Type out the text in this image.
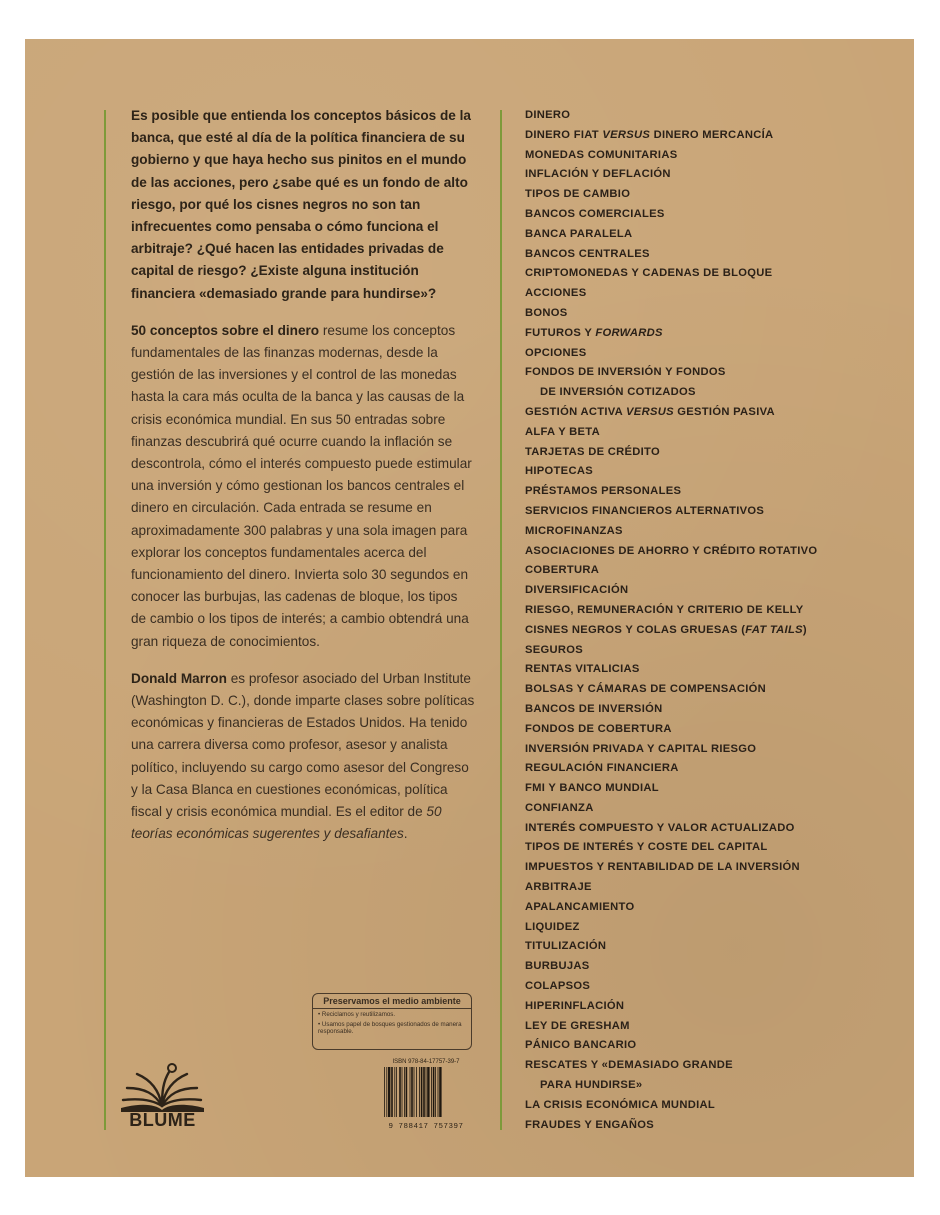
Es posible que entienda los conceptos básicos de la banca, que esté al día de la política financiera de su gobierno y que haya hecho sus pinitos en el mundo de las acciones, pero ¿sabe qué es un fondo de alto riesgo, por qué los cisnes negros no son tan infrecuentes como pensaba o cómo funciona el arbitraje? ¿Qué hacen las entidades privadas de capital de riesgo? ¿Existe alguna institución financiera «demasiado grande para hundirse»?

50 conceptos sobre el dinero resume los conceptos fundamentales de las finanzas modernas, desde la gestión de las inversiones y el control de las monedas hasta la cara más oculta de la banca y las causas de la crisis económica mundial. En sus 50 entradas sobre finanzas descubrirá qué ocurre cuando la inflación se descontrola, cómo el interés compuesto puede estimular una inversión y cómo gestionan los bancos centrales el dinero en circulación. Cada entrada se resume en aproximadamente 300 palabras y una sola imagen para explorar los conceptos fundamentales acerca del funcionamiento del dinero. Invierta solo 30 segundos en conocer las burbujas, las cadenas de bloque, los tipos de cambio o los tipos de interés; a cambio obtendrá una gran riqueza de conocimientos.

Donald Marron es profesor asociado del Urban Institute (Washington D. C.), donde imparte clases sobre políticas económicas y financieras de Estados Unidos. Ha tenido una carrera diversa como profesor, asesor y analista político, incluyendo su cargo como asesor del Congreso y la Casa Blanca en cuestiones económicas, política fiscal y crisis económica mundial. Es el editor de 50 teorías económicas sugerentes y desafiantes.

DINERO
DINERO FIAT VERSUS DINERO MERCANCÍA
MONEDAS COMUNITARIAS
INFLACIÓN Y DEFLACIÓN
TIPOS DE CAMBIO
BANCOS COMERCIALES
BANCA PARALELA
BANCOS CENTRALES
CRIPTOMONEDAS Y CADENAS DE BLOQUE
ACCIONES
BONOS
FUTUROS Y FORWARDS
OPCIONES
FONDOS DE INVERSIÓN Y FONDOS
DE INVERSIÓN COTIZADOS
GESTIÓN ACTIVA VERSUS GESTIÓN PASIVA
ALFA Y BETA
TARJETAS DE CRÉDITO
HIPOTECAS
PRÉSTAMOS PERSONALES
SERVICIOS FINANCIEROS ALTERNATIVOS
MICROFINANZAS
ASOCIACIONES DE AHORRO Y CRÉDITO ROTATIVO
COBERTURA
DIVERSIFICACIÓN
RIESGO, REMUNERACIÓN Y CRITERIO DE KELLY
CISNES NEGROS Y COLAS GRUESAS (FAT TAILS)
SEGUROS
RENTAS VITALICIAS
BOLSAS Y CÁMARAS DE COMPENSACIÓN
BANCOS DE INVERSIÓN
FONDOS DE COBERTURA
INVERSIÓN PRIVADA Y CAPITAL RIESGO
REGULACIÓN FINANCIERA
FMI Y BANCO MUNDIAL
CONFIANZA
INTERÉS COMPUESTO Y VALOR ACTUALIZADO
TIPOS DE INTERÉS Y COSTE DEL CAPITAL
IMPUESTOS Y RENTABILIDAD DE LA INVERSIÓN
ARBITRAJE
APALANCAMIENTO
LIQUIDEZ
TITULIZACIÓN
BURBUJAS
COLAPSOS
HIPERINFLACIÓN
LEY DE GRESHAM
PÁNICO BANCARIO
RESCATES Y «DEMASIADO GRANDE
PARA HUNDIRSE»
LA CRISIS ECONÓMICA MUNDIAL
FRAUDES Y ENGAÑOS
Preservamos el medio ambiente
• Reciclamos y reutilizamos.
• Usamos papel de bosques gestionados de manera responsable.
BLUME
ISBN 978-84-17757-39-7
9 788417 757397
